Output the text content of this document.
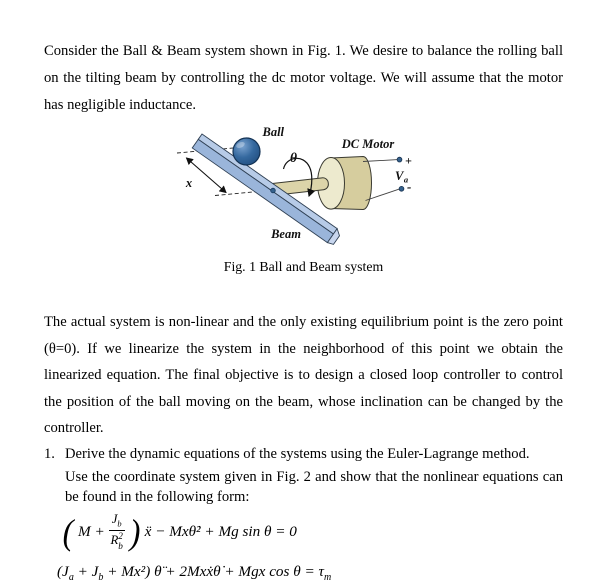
Consider the Ball & Beam system shown in Fig. 1. We desire to balance the rolling ball on the tilting beam by controlling the dc motor voltage. We will assume that the motor has negligible inductance.

x
+
-
$V_a$
DC Motor
θ
Ball
Beam
Fig. 1 Ball and Beam system

The actual system is non-linear and the only existing equilibrium point is the zero point (θ=0). If we linearize the system in the neighborhood of this point we obtain the linearized equation. The final objective is to design a closed loop controller to control the position of the ball moving on the beam, whose inclination can be changed by the controller.

1. Derive the dynamic equations of the systems using the Euler-Lagrange method.

Use the coordinate system given in Fig. 2 and show that the nonlinear equations can be found in the following form:

( $M + J_b$
R 2
b ) ẍ − Mxθ̇² + Mg sin θ = 0
$(J_a + J_b + Mx^2)$ θ̈ + 2Mxẋθ̇ + Mgx $\cos \theta = \tau_m$
